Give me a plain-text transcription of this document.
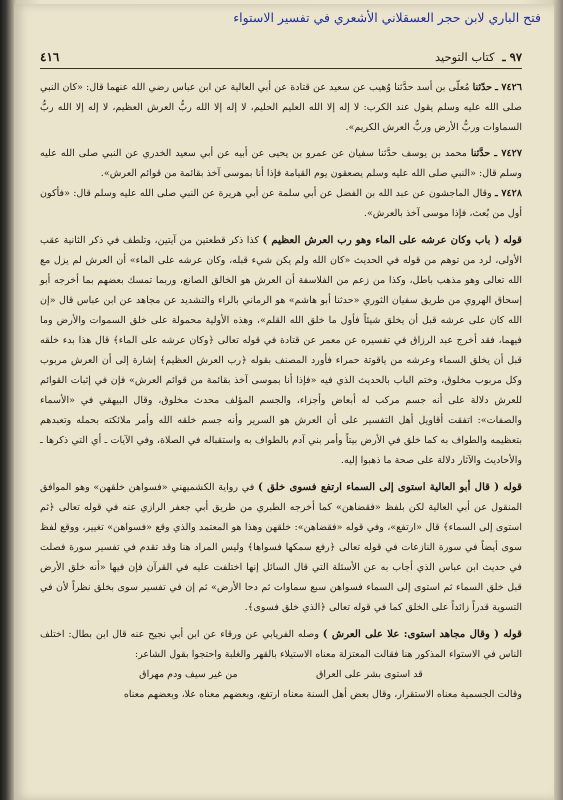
فتح الباري لابن حجر العسقلاني الأشعري في تفسير الاستواء
٤١٦	٩٧ ـ كتاب التوحيد

٧٤٢٦ ـ حدّثنا مُعلّى بن أسد حدَّثنا وُهيب عن سعيد عن قتادة عن أبي العالية عن ابن عباس رضي الله عنهما قال: «كان النبي صلى الله عليه وسلم يقول عند الكرب: لا إله إلا الله العليم الحليم، لا إله إلا الله ربُّ العرش العظيم، لا إله إلا الله ربُّ السماوات وربُّ الأرض وربُّ العرش الكريم».

٧٤٢٧ ـ حدَّثنا محمد بن يوسف حدَّثنا سفيان عن عمرو بن يحيى عن أبيه عن أبي سعيد الخدري عن النبي صلى الله عليه وسلم قال: «النبي صلى الله عليه وسلم يصعقون يوم القيامة فإذا أنا بموسى آخذ بقائمة من قوائم العرش».

٧٤٢٨ ـ وقال الماجشون عن عبد الله بن الفضل عن أبي سلمة عن أبي هريرة عن النبي صلى الله عليه وسلم قال: «فأكون أول من بُعث، فإذا موسى آخذ بالعرش».

قوله ( باب وكان عرشه على الماء وهو رب العرش العظيم ) كذا ذكر قطعتين من آيتين، وتلطف في ذكر الثانية عقب الأولى، لرد من توهم من قوله في الحديث «كان الله ولم يكن شيء قبله، وكان عرشه على الماء» أن العرش لم يزل مع الله تعالى وهو مذهب باطل، وكذا من زعم من الفلاسفة أن العرش هو الخالق الصانع، وربما تمسك بعضهم بما أخرجه أبو إسحاق الهروي من طريق سفيان الثوري «حدثنا أبو هاشم» هو الرماني بالراء والتشديد عن مجاهد عن ابن عباس قال «إن الله كان على عرشه قبل أن يخلق شيئاً فأول ما خلق الله القلم»، وهذه الأولية محمولة على خلق السموات والأرض وما فيهما، فقد أخرج عبد الرزاق في تفسيره عن معمر عن قتادة في قوله تعالى ﴿وكان عرشه على الماء﴾ قال هذا بدء خلقه قبل أن يخلق السماء وعرشه من ياقوتة حمراء فأورد المصنف بقوله ﴿رب العرش العظيم﴾ إشارة إلى أن العرش مربوب وكل مربوب مخلوق، وختم الباب بالحديث الذي فيه «فإذا أنا بموسى آخذ بقائمة من قوائم العرش» فإن في إثبات القوائم للعرش دلالة على أنه جسم مركب له أبعاض وأجزاء، والجسم المؤلف محدث مخلوق، وقال البيهقي في «الأسماء والصفات»: اتفقت أقاويل أهل التفسير على أن العرش هو السرير وأنه جسم خلقه الله وأمر ملائكته بحمله وتعبدهم بتعظيمه والطواف به كما خلق في الأرض بيتاً وأمر بني آدم بالطواف به واستقباله في الصلاة، وفي الآيات ـ أي التي ذكرها ـ والأحاديث والآثار دلالة على صحة ما ذهبوا إليه.

قوله ( قال أبو العالية استوى إلى السماء ارتفع فسوى خلق ) في رواية الكشميهني «فسواهن خلقهن» وهو الموافق المنقول عن أبي العالية لكن بلفظ «فقضاهن» كما أخرجه الطبري من طريق أبي جعفر الرازي عنه في قوله تعالى ﴿ثم استوى إلى السماء﴾ قال «ارتفع»، وفي قوله «فقضاهن»: خلقهن وهذا هو المعتمد والذي وقع «فسواهن» تغيير، ووقع لفظ سوى أيضاً في سورة النازعات في قوله تعالى ﴿رفع سمكها فسواها﴾ وليس المراد هنا وقد تقدم في تفسير سورة فصلت في حديث ابن عباس الذي أجاب به عن الأسئلة التي قال السائل إنها اختلفت عليه في القرآن فإن فيها «أنه خلق الأرض قبل خلق السماء ثم استوى إلى السماء فسواهن سبع سماوات ثم دحا الأرض» ثم إن في تفسير سوى بخلق نظراً لأن في التسوية قدراً زائداً على الخلق كما في قوله تعالى ﴿الذي خلق فسوى﴾.

قوله ( وقال مجاهد استوى: علا على العرش ) وصله الفريابي عن ورقاء عن ابن أبي نجيح عنه قال ابن بطال: اختلف الناس في الاستواء المذكور هنا فقالت المعتزلة معناه الاستيلاء بالقهر والغلبة واحتجوا بقول الشاعر:

قد استوى بشر على العراق
من غير سيف ودم مهراق

وقالت الجسمية معناه الاستقرار، وقال بعض أهل السنة معناه ارتفع، وبعضهم معناه علا، وبعضهم معناه
